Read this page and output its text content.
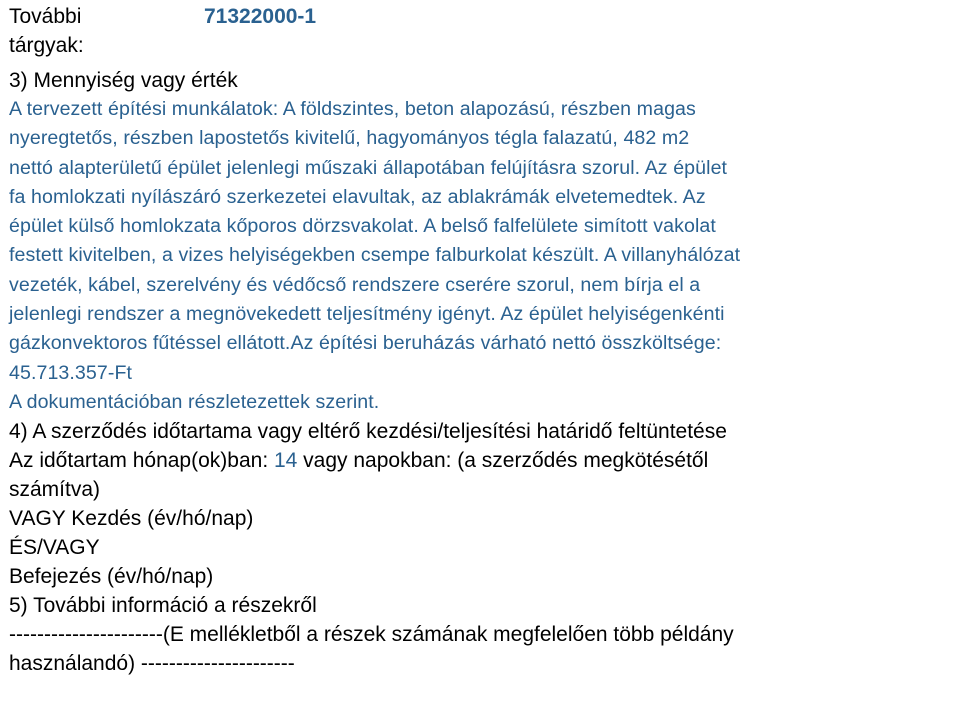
További
tárgyak:
71322000-1
3) Mennyiség vagy érték
A tervezett építési munkálatok: A földszintes, beton alapozású, részben magas
nyeregtetős, részben lapostetős kivitelű, hagyományos tégla falazatú, 482 m2
nettó alapterületű épület jelenlegi műszaki állapotában felújításra szorul. Az épület
fa homlokzati nyílászáró szerkezetei elavultak, az ablakrámák elvetemedtek. Az
épület külső homlokzata kőporos dörzsvakolat. A belső falfelülete simított vakolat
festett kivitelben, a vizes helyiségekben csempe falburkolat készült. A villanyhálózat
vezeték, kábel, szerelvény és védőcső rendszere cserére szorul, nem bírja el a
jelenlegi rendszer a megnövekedett teljesítmény igényt. Az épület helyiségenkénti
gázkonvektoros fűtéssel ellátott.Az építési beruházás várható nettó összköltsége:
45.713.357-Ft
A dokumentációban részletezettek szerint.
4) A szerződés időtartama vagy eltérő kezdési/teljesítési határidő feltüntetése
Az időtartam hónap(ok)ban: 14 vagy napokban: (a szerződés megkötésétől
számítva)
VAGY Kezdés (év/hó/nap)
ÉS/VAGY
Befejezés (év/hó/nap)
5) További információ a részekről
----------------------(E mellékletből a részek számának megfelelően több példány
használandó) ----------------------
